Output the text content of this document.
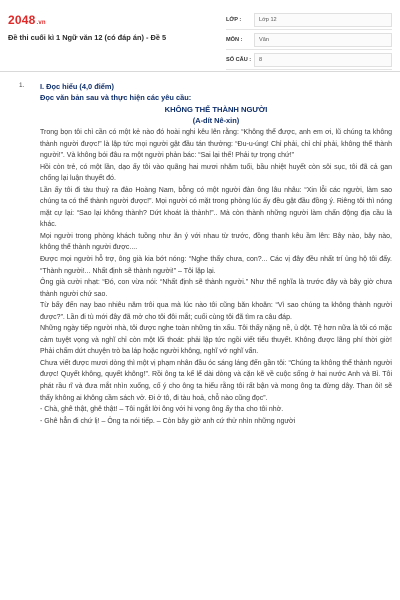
2048.vn
Đề thi cuối kì 1 Ngữ văn 12 (có đáp án) - Đề 5
LỚP :	Lớp 12
MÔN :	Văn
SỐ CÂU :	8
1. I. Đọc hiểu (4,0 điểm)
Đọc văn bản sau và thực hiện các yêu cầu:
KHÔNG THỂ THÀNH NGƯỜI
(A-dít Nê-xin)

Trong bọn tôi chỉ cần có một kẻ nào đó hoài nghi kêu lên rằng: “Không thể được, anh em ơi, lũ chúng ta không thành người được!” là lập tức mọi người gật đầu tán thưởng: “Đu-u-úng! Chỉ phải, chỉ chỉ phải, không thể thành người!”. Và không bói đâu ra một người phản bác: “Sai lại thế! Phải tự trọng chứ!”

Hồi còn trẻ, có một lần, dạo ấy tôi vào quãng hai mươi nhăm tuổi, bầu nhiệt huyết còn sôi sục, tôi đã cả gan chống lại luận thuyết đó.

Lần ấy tôi đi tàu thuỷ ra đảo Hoàng Nam, bỗng có một người đàn ông lâu nhâu: “Xin lỗi các người, làm sao chúng ta có thể thành người được!”. Mọi người có mặt trong phòng lúc ấy đều gật đầu đồng ý. Riêng tôi thì nóng mặt cự lại: “Sao lại không thành? Dứt khoát là thành!”.. Mà còn thành những người làm chấn động địa cầu là khác.

Mọi người trong phòng khách tuồng như ăn ý với nhau từ trước, đồng thanh kêu ầm lên: Bây nào, bây nào, không thể thành người được....

Được mọi người hỗ trợ, ông già kia bớt nóng: “Nghe thấy chưa, con?... Các vị đây đều nhất trí ủng hộ tôi đấy. “Thành người!... Nhất định sẽ thành người!” – Tôi lặp lại.

Ông già cười nhạt: “Đó, con vừa nói: “Nhất định sẽ thành người.” Như thế nghĩa là trước đây và bây giờ chưa thành người chứ sao.

Từ bấy đến nay bao nhiêu năm trôi qua mà lúc nào tôi cũng băn khoăn: “Vì sao chúng ta không thành người được?”. Lần đi tù mới đây đã mở cho tôi đôi mắt; cuối cùng tôi đã tìm ra câu đáp.

Những ngày tiếp người nhà, tôi được nghe toàn những tin xấu. Tôi thấy nặng nề, ủ dột. Tệ hơn nữa là tôi có mặc cảm tuyệt vọng và nghĩ chỉ còn một lối thoát: phải lập tức ngồi viết tiểu thuyết. Không được lãng phí thời giờ! Phải chấm dứt chuyện trò ba láp hoặc người không, nghĩ vớ nghĩ vẩn.

Chưa viết được mươi dòng thì một vị phạm nhân đầu óc sáng láng đến gần tôi: “Chúng ta không thể thành người được! Quyết không, quyết không!”. Rồi ông ta kể lể dài dòng và cặn kẽ về cuộc sống ở hai nước Anh và Bỉ. Tôi phát rầu rĩ và đưa mắt nhìn xuống, cố ý cho ông ta hiểu rằng tôi rất bận và mong ông ta đừng dây. Than ôi! sẽ thấy không ai không cầm sách vở. Đi ở tô, đi tàu hoả, chỗ nào cũng đọc”.

- Chà, ghê thật, ghê thật! – Tôi ngắt lời ông với hi vọng ông ấy tha cho tôi nhờ.

- Ghê hẳn đi chứ lị! – Ông ta nói tiếp. – Còn bây giờ anh cứ thử nhìn những người
